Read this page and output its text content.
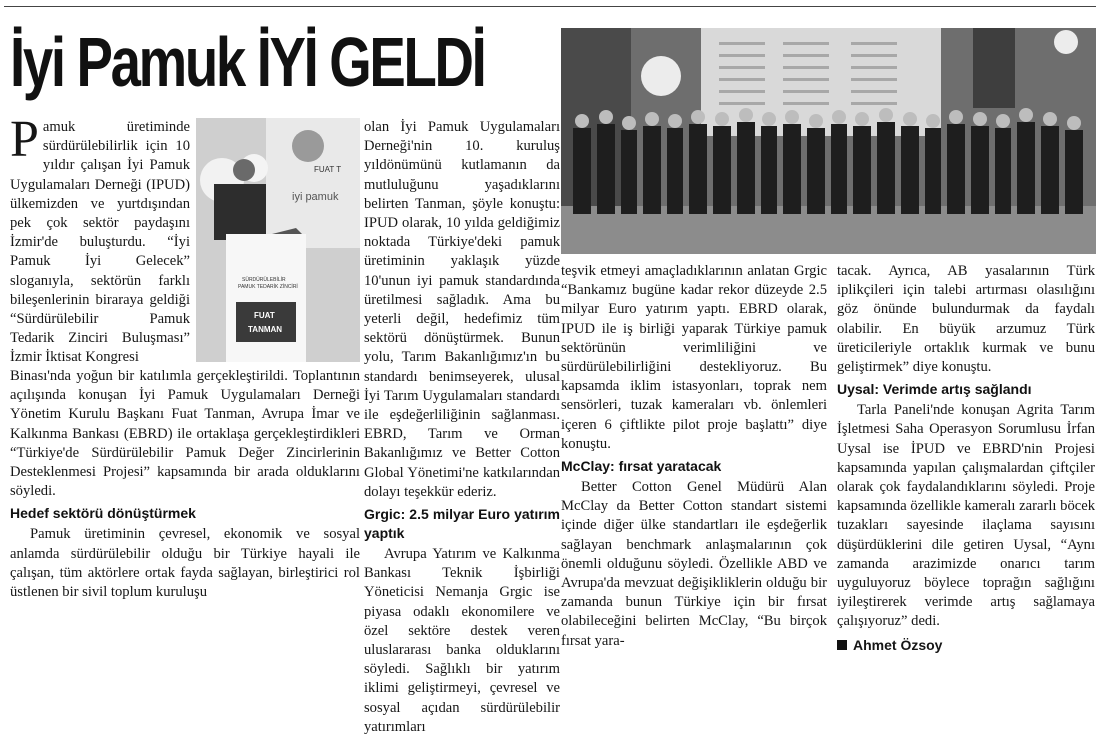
İyi Pamuk İYİ GELDİ
FUAT T
iyi pamuk
SÜRDÜRÜLEBİLİR
PAMUK TEDARİK ZİNCİRİ
FUAT
TANMAN

Pamuk üretiminde sürdürülebilirlik için 10 yıldır çalışan İyi Pamuk Uygulamaları Derneği (IPUD) ülkemizden ve yurtdışından pek çok sektör paydaşını İzmir'de buluşturdu. “İyi Pamuk İyi Gelecek” sloganıyla, sektörün farklı bileşenlerinin biraraya geldiği “Sürdürülebilir Pamuk Tedarik Zinciri Buluşması” İzmir İktisat Kongresi

Binası'nda yoğun bir katılımla gerçekleştirildi. Toplantının açılışında konuşan İyi Pamuk Uygulamaları Derneği Yönetim Kurulu Başkanı Fuat Tanman, Avrupa İmar ve Kalkınma Bankası (EBRD) ile ortaklaşa gerçekleştirdikleri “Türkiye'de Sürdürülebilir Pamuk Değer Zincirlerinin Desteklenmesi Projesi” kapsamında bir arada olduklarını söyledi.

Hedef sektörü dönüştürmek

Pamuk üretiminin çevresel, ekonomik ve sosyal anlamda sürdürülebilir olduğu bir Türkiye hayali ile çalışan, tüm aktörlere ortak fayda sağlayan, birleştirici rol üstlenen bir sivil toplum kuruluşu

olan İyi Pamuk Uygulamaları Derneği'nin 10. kuruluş yıldönümünü kutlamanın da mutluluğunu yaşadıklarını belirten Tanman, şöyle konuştu: IPUD olarak, 10 yılda geldiğimiz noktada Türkiye'deki pamuk üretiminin yaklaşık yüzde 10'unun iyi pamuk standardında üretilmesi sağladık. Ama bu yeterli değil, hedefimiz tüm sektörü dönüştürmek. Bunun yolu, Tarım Bakanlığımız'ın bu standardı benimseyerek, ulusal İyi Tarım Uygulamaları standardı ile eşdeğerliliğinin sağlanması. EBRD, Tarım ve Orman Bakanlığımız ve Better Cotton Global Yönetimi'ne katkılarından dolayı teşekkür ederiz.

Grgic: 2.5 milyar Euro yatırım yaptık

Avrupa Yatırım ve Kalkınma Bankası Teknik İşbirliği Yöneticisi Nemanja Grgic ise piyasa odaklı ekonomilere ve özel sektöre destek veren uluslararası banka olduklarını söyledi. Sağlıklı bir yatırım iklimi geliştirmeyi, çevresel ve sosyal açıdan sürdürülebilir yatırımları

teşvik etmeyi amaçladıklarının anlatan Grgic “Bankamız bugüne kadar rekor düzeyde 2.5 milyar Euro yatırım yaptı. EBRD olarak, IPUD ile iş birliği yaparak Türkiye pamuk sektörünün verimliliğini ve sürdürülebilirliğini destekliyoruz. Bu kapsamda iklim istasyonları, toprak nem sensörleri, tuzak kameraları vb. önlemleri içeren 6 çiftlikte pilot proje başlattı” diye konuştu.

McClay: fırsat yaratacak

Better Cotton Genel Müdürü Alan McClay da Better Cotton standart sistemi içinde diğer ülke standartları ile eşdeğerlik sağlayan benchmark anlaşmalarının çok önemli olduğunu söyledi. Özellikle ABD ve Avrupa'da mevzuat değişikliklerin olduğu bir zamanda bunun Türkiye için bir fırsat olabileceğini belirten McClay, “Bu birçok fırsat yara-

tacak. Ayrıca, AB yasalarının Türk iplikçileri için talebi artırması olasılığını göz önünde bulundurmak da faydalı olabilir. En büyük arzumuz Türk üreticileriyle ortaklık kurmak ve bunu geliştirmek” diye konuştu.

Uysal: Verimde artış sağlandı

Tarla Paneli'nde konuşan Agrita Tarım İşletmesi Saha Operasyon Sorumlusu İrfan Uysal ise İPUD ve EBRD'nin Projesi kapsamında yapılan çalışmalardan çiftçiler olarak çok faydalandıklarını söyledi. Proje kapsamında özellikle kameralı zararlı böcek tuzakları sayesinde ilaçlama sayısını düşürdüklerini dile getiren Uysal, “Aynı zamanda arazimizde onarıcı tarım uyguluyoruz böylece toprağın sağlığını iyileştirerek verimde artış sağlamaya çalışıyoruz” dedi.

Ahmet Özsoy
